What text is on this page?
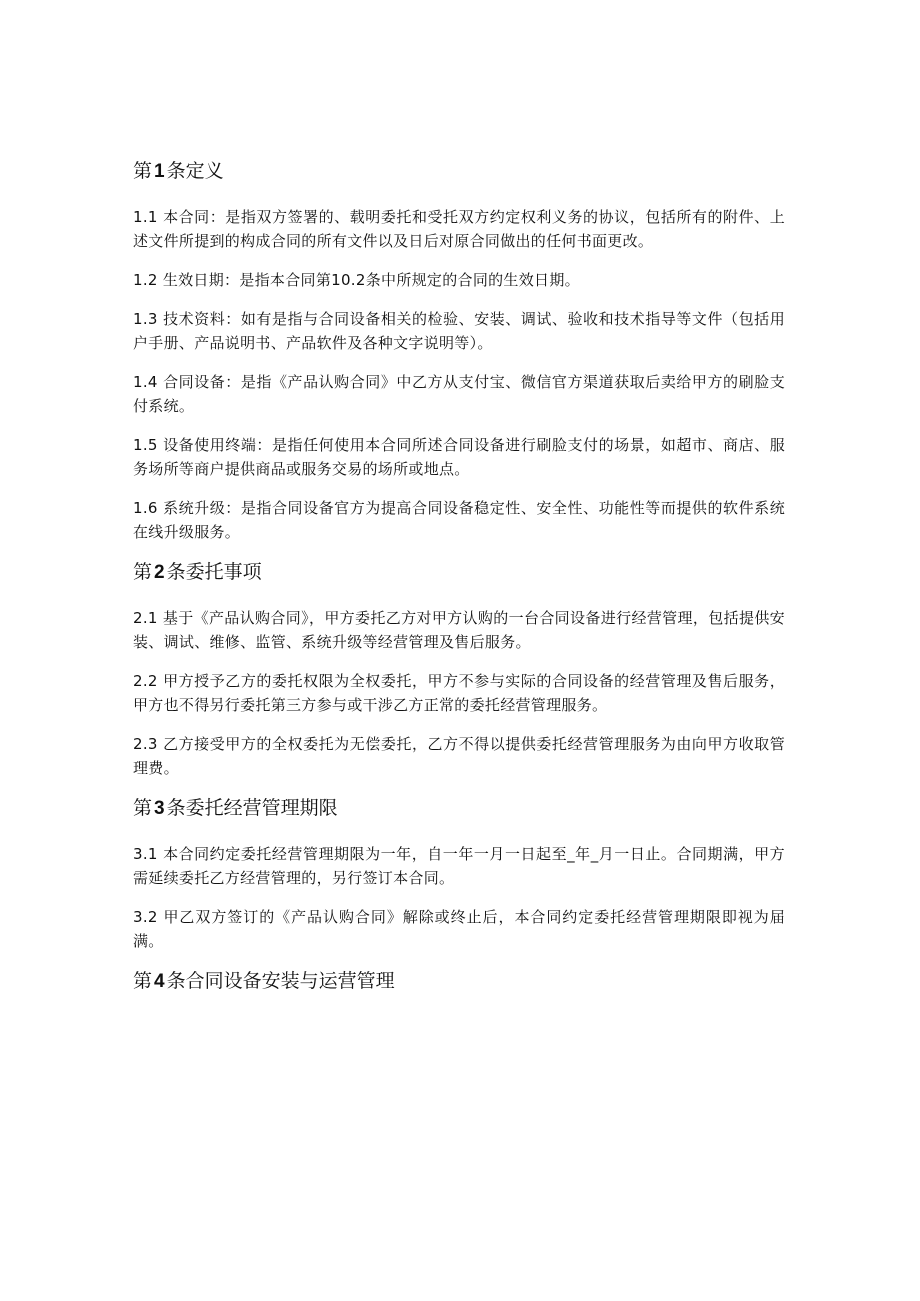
第 1 条定义

1.1 本合同：是指双方签署的、载明委托和受托双方约定权利义务的协议，包括所有的附件、上述文件所提到的构成合同的所有文件以及日后对原合同做出的任何书面更改。

1.2 生效日期：是指本合同第10.2条中所规定的合同的生效日期。

1.3 技术资料：如有是指与合同设备相关的检验、安装、调试、验收和技术指导等文件（包括用户手册、产品说明书、产品软件及各种文字说明等）。

1.4 合同设备：是指《产品认购合同》中乙方从支付宝、微信官方渠道获取后卖给甲方的刷脸支付系统。

1.5 设备使用终端：是指任何使用本合同所述合同设备进行刷脸支付的场景，如超市、商店、服务场所等商户提供商品或服务交易的场所或地点。

1.6 系统升级：是指合同设备官方为提高合同设备稳定性、安全性、功能性等而提供的软件系统在线升级服务。

第 2 条委托事项

2.1 基于《产品认购合同》，甲方委托乙方对甲方认购的一台合同设备进行经营管理，包括提供安装、调试、维修、监管、系统升级等经营管理及售后服务。

2.2 甲方授予乙方的委托权限为全权委托，甲方不参与实际的合同设备的经营管理及售后服务，甲方也不得另行委托第三方参与或干涉乙方正常的委托经营管理服务。

2.3 乙方接受甲方的全权委托为无偿委托，乙方不得以提供委托经营管理服务为由向甲方收取管理费。

第 3 条委托经营管理期限

3.1 本合同约定委托经营管理期限为一年，自一年一月一日起至_年_月一日止。合同期满，甲方需延续委托乙方经营管理的，另行签订本合同。

3.2 甲乙双方签订的《产品认购合同》解除或终止后，本合同约定委托经营管理期限即视为届满。

第 4 条合同设备安装与运营管理
